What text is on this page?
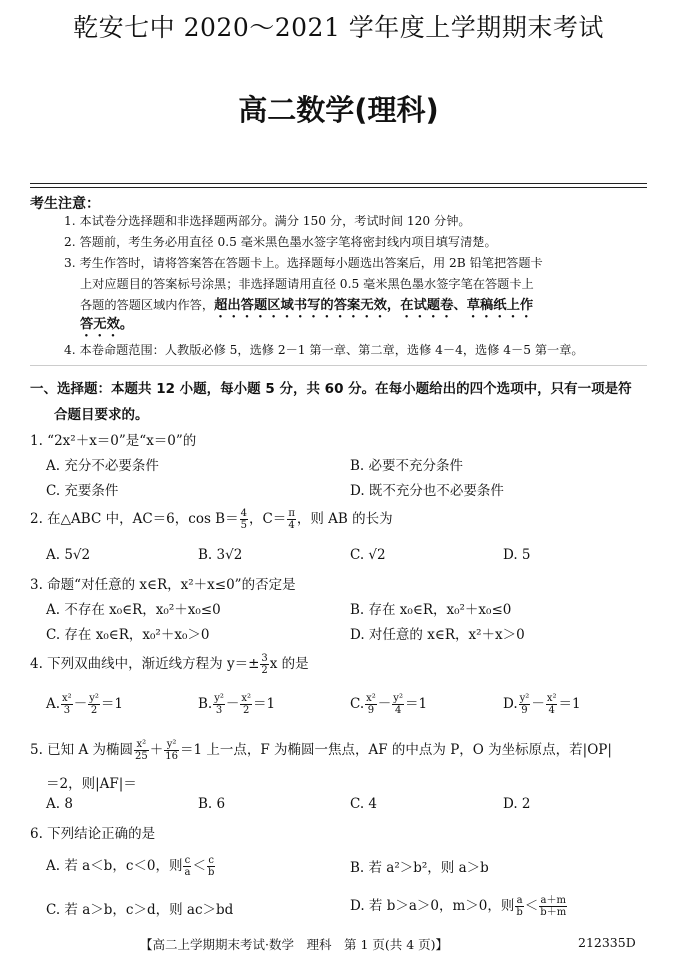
乾安七中 2020～2021 学年度上学期期末考试
高二数学(理科)
考生注意：
1. 本试卷分选择题和非选择题两部分。满分 150 分，考试时间 120 分钟。
2. 答题前，考生务必用直径 0.5 毫米黑色墨水签字笔将密封线内项目填写清楚。
3. 考生作答时，请将答案答在答题卡上。选择题每小题选出答案后，用 2B 铅笔把答题卡
上对应题目的答案标号涂黑；非选择题请用直径 0.5 毫米黑色墨水签字笔在答题卡上
各题的答题区域内作答，超出答题区域书写的答案无效，在试题卷、草稿纸上作
答无效。
4. 本卷命题范围：人教版必修 5，选修 2－1 第一章、第二章，选修 4－4，选修 4－5 第一章。
一、选择题：本题共 12 小题，每小题 5 分，共 60 分。在每小题给出的四个选项中，只有一项是符
合题目要求的。
1. “2x²＋x＝0”是“x＝0”的
A. 充分不必要条件	B. 必要不充分条件
C. 充要条件	D. 既不充分也不必要条件
2. 在△ABC 中，AC＝6，$\cos B= \frac{4}{5}$ ，$C= \frac{\pi}{4}$ ，则 AB 的长为
A. 5√2	B. 3√2	C. √2	D. 5
3. 命题“对任意的 x∈R，x²＋x≤0”的否定是
A. 不存在 x₀∈R，x₀²＋x₀≤0	B. 存在 x₀∈R，x₀²＋x₀≤0
C. 存在 x₀∈R，x₀²＋x₀＞0	D. 对任意的 x∈R，x²＋x＞0
4. 下列双曲线中，渐近线方程为 $y=\pm \frac{3}{2}$ x 的是
A. $\frac{\text{x²}}{3} - \frac{\text{y²}}{2} =1$	B. $\frac{\text{y²}}{3} - \frac{\text{x²}}{2} =1$	C. $\frac{\text{x²}}{9} - \frac{\text{y²}}{4} =1$	D. $\frac{\text{y²}}{9} - \frac{\text{x²}}{4} =1$
5. 已知 A 为椭圆 $\frac{\text{x²}}{25} + \frac{\text{y²}}{16} =1$ 上一点，F 为椭圆一焦点，AF 的中点为 P，O 为坐标原点，若|OP|
＝2，则|AF|＝
A. 8	B. 6	C. 4	D. 2
6. 下列结论正确的是
A. 若 a＜b，c＜0，则 $\frac{c}{a} < \frac{c}{b}$	B. 若 a²＞b²，则 a＞b
C. 若 a＞b，c＞d，则 ac＞bd	D. 若 b＞a＞0，m＞0，则 $\frac{a}{b} < \frac{a+m}{b+m}$
【高二上学期期末考试·数学　理科　第 1 页(共 4 页)】	212335D
